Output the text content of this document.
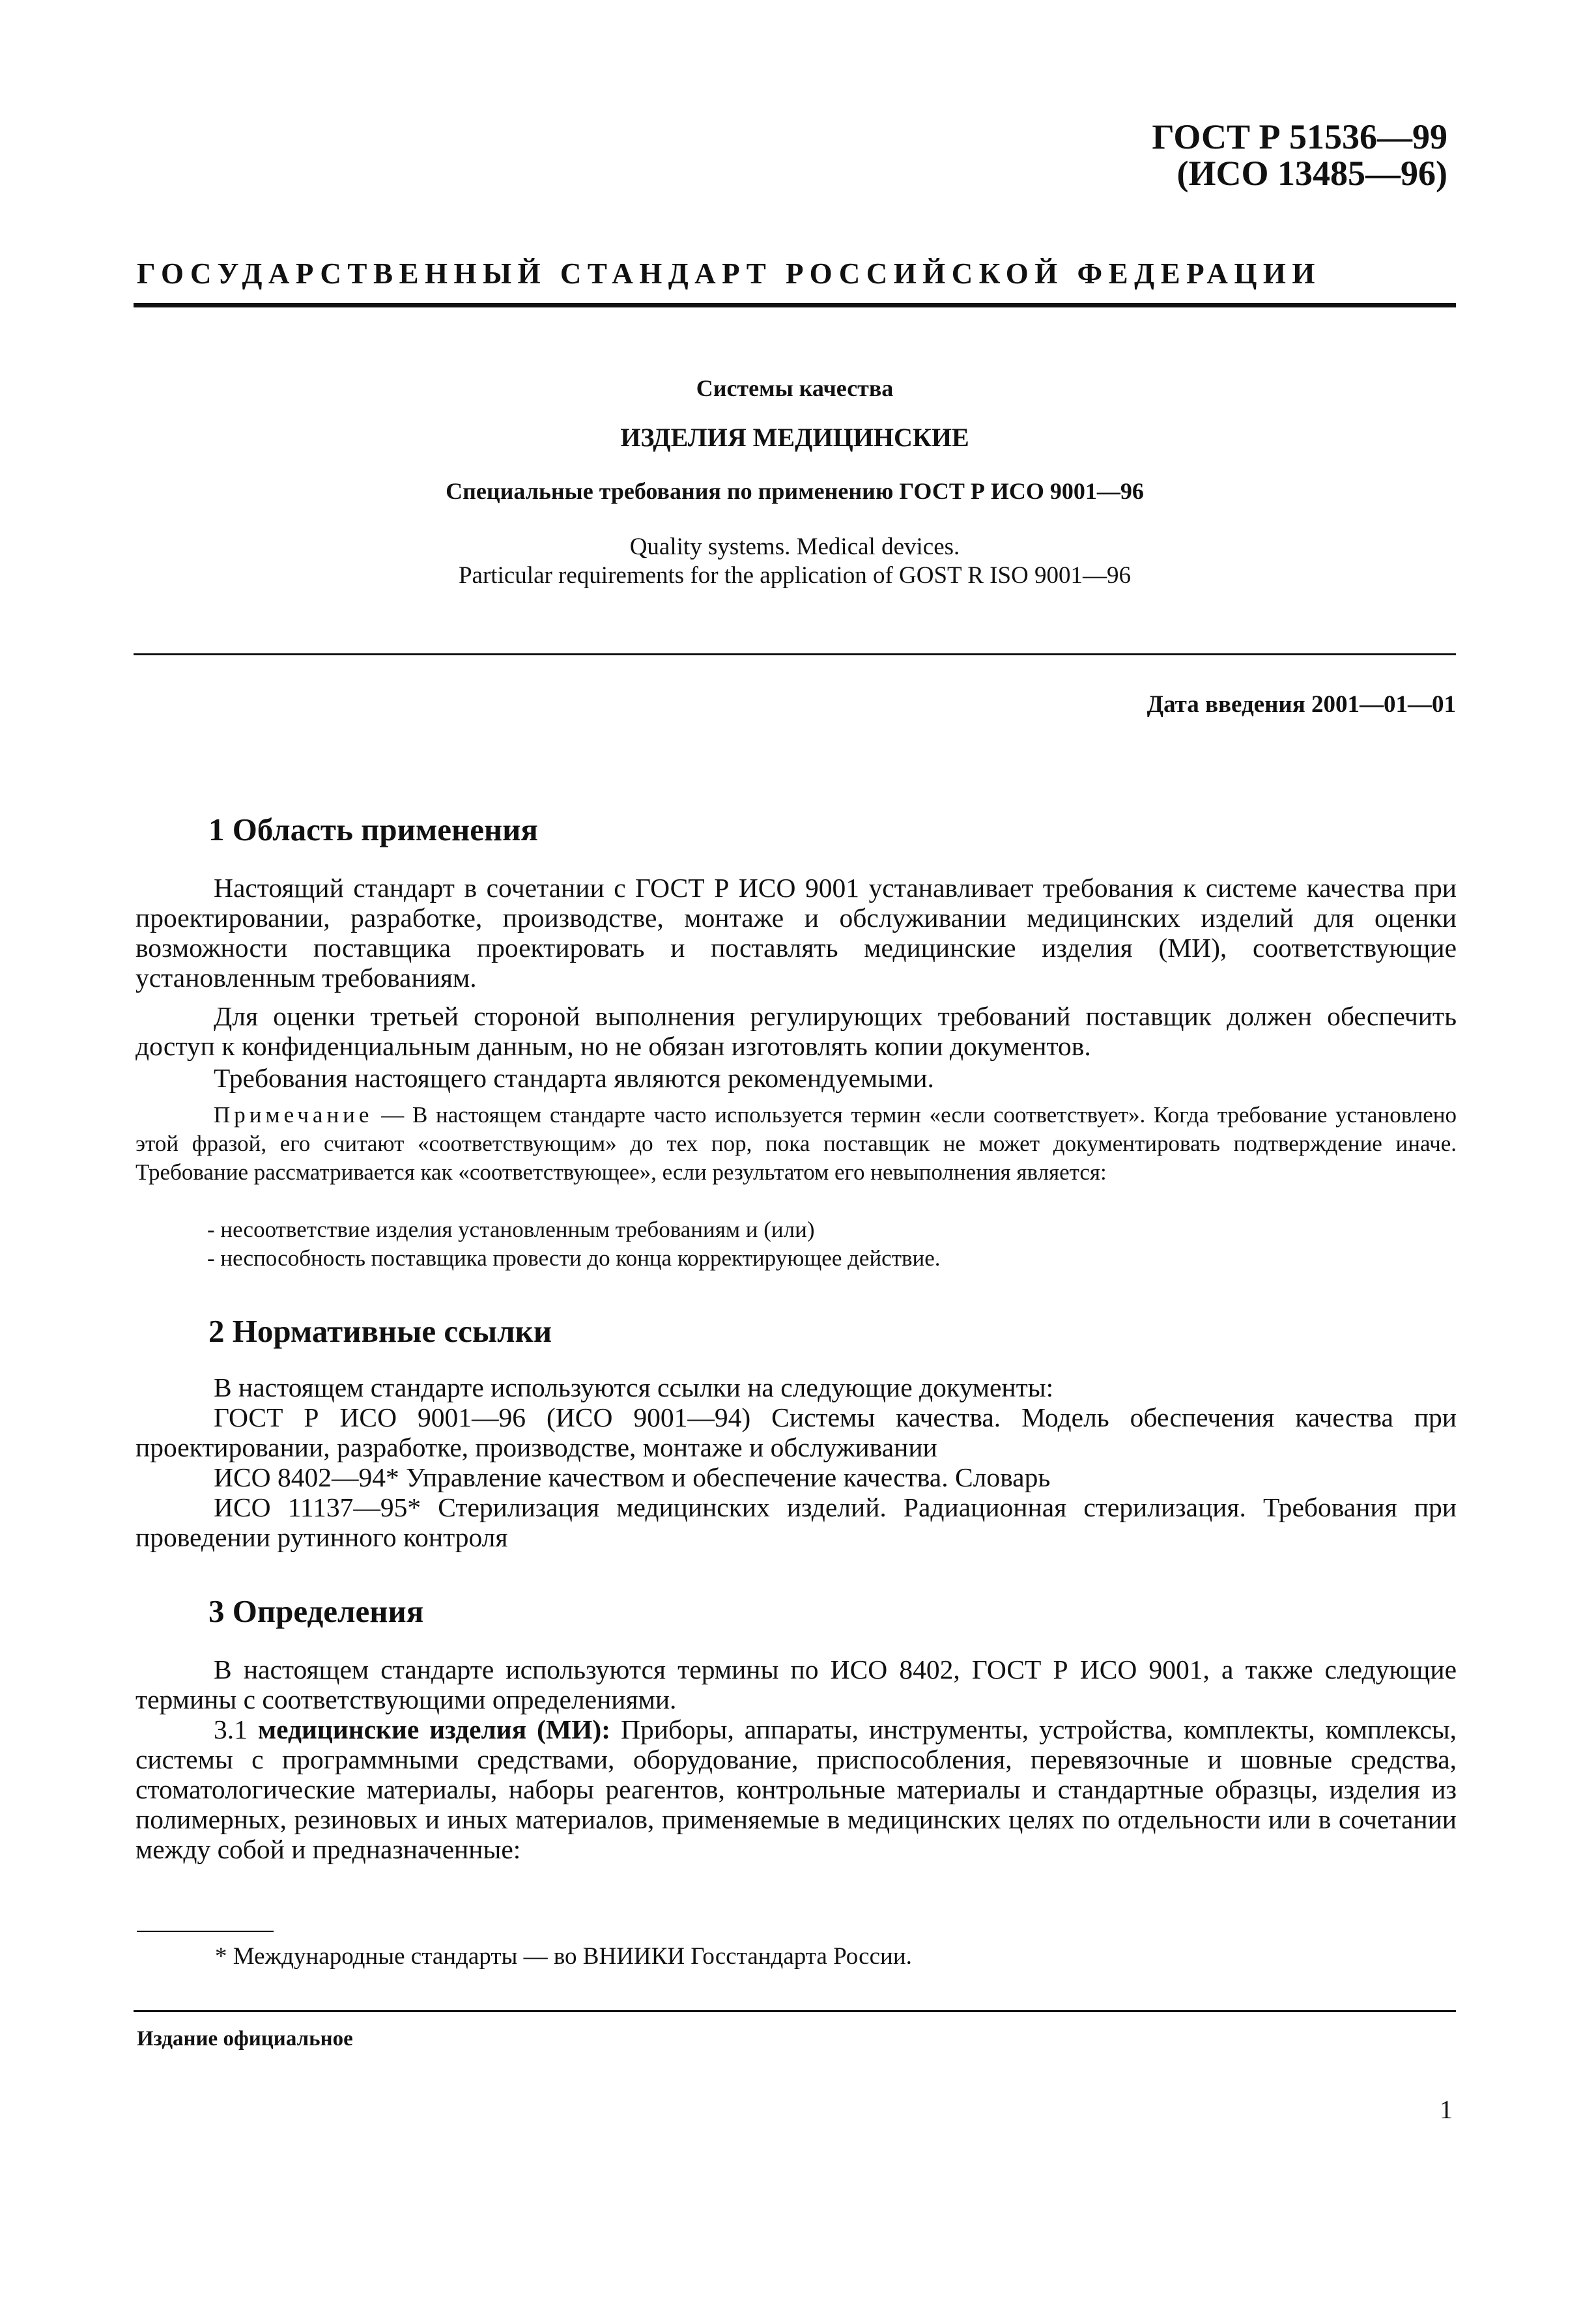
ГОСТ Р 51536—99
(ИСО 13485—96)
ГОСУДАРСТВЕННЫЙ СТАНДАРТ РОССИЙСКОЙ ФЕДЕРАЦИИ
Системы качества
ИЗДЕЛИЯ МЕДИЦИНСКИЕ
Специальные требования по применению ГОСТ Р ИСО 9001—96
Quality systems. Medical devices.
Particular requirements for the application of GOST R ISO 9001—96
Дата введения 2001—01—01
1 Область применения
Настоящий стандарт в сочетании с ГОСТ Р ИСО 9001 устанавливает требования к системе качества при проектировании, разработке, производстве, монтаже и обслуживании медицинских изделий для оценки возможности поставщика проектировать и поставлять медицинские изделия (МИ), соответствующие установленным требованиям.
Для оценки третьей стороной выполнения регулирующих требований поставщик должен обеспечить доступ к конфиденциальным данным, но не обязан изготовлять копии документов.
Требования настоящего стандарта являются рекомендуемыми.
Примечание — В настоящем стандарте часто используется термин «если соответствует». Когда требование установлено этой фразой, его считают «соответствующим» до тех пор, пока поставщик не может документировать подтверждение иначе. Требование рассматривается как «соответствующее», если результатом его невыполнения является:
- несоответствие изделия установленным требованиям и (или)
- неспособность поставщика провести до конца корректирующее действие.
2 Нормативные ссылки
В настоящем стандарте используются ссылки на следующие документы:
ГОСТ Р ИСО 9001—96 (ИСО 9001—94) Системы качества. Модель обеспечения качества при проектировании, разработке, производстве, монтаже и обслуживании
ИСО 8402—94* Управление качеством и обеспечение качества. Словарь
ИСО 11137—95* Стерилизация медицинских изделий. Радиационная стерилизация. Требования при проведении рутинного контроля
3 Определения
В настоящем стандарте используются термины по ИСО 8402, ГОСТ Р ИСО 9001, а также следующие термины с соответствующими определениями.
3.1 медицинские изделия (МИ): Приборы, аппараты, инструменты, устройства, комплекты, комплексы, системы с программными средствами, оборудование, приспособления, перевязочные и шовные средства, стоматологические материалы, наборы реагентов, контрольные материалы и стандартные образцы, изделия из полимерных, резиновых и иных материалов, применяемые в медицинских целях по отдельности или в сочетании между собой и предназначенные:
* Международные стандарты — во ВНИИКИ Госстандарта России.
Издание официальное
1
